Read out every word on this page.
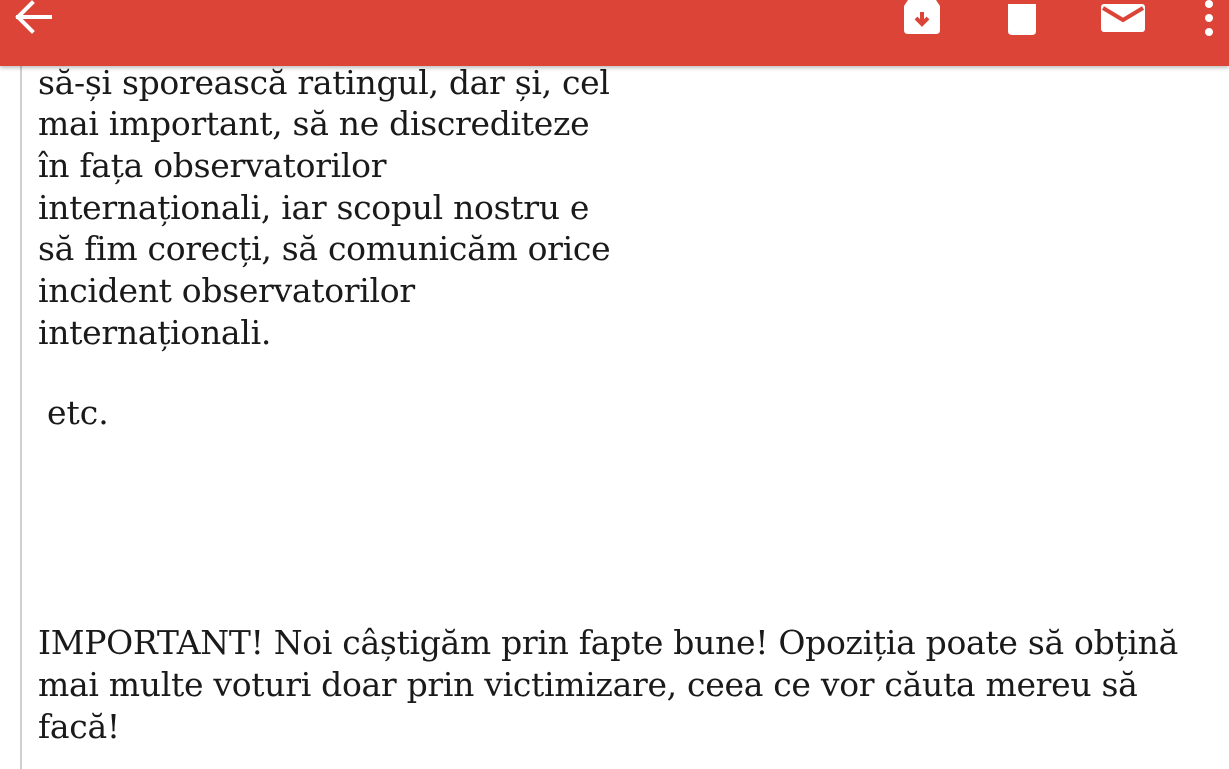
să-și sporească ratingul, dar și, cel
mai important, să ne discrediteze
în fața observatorilor
internaționali, iar scopul nostru e
să fim corecți, să comunicăm orice
incident observatorilor
internaționali.
etc.
IMPORTANT! Noi câștigăm prin fapte bune! Opoziția poate să obțină
mai multe voturi doar prin victimizare, ceea ce vor căuta mereu să
facă!
